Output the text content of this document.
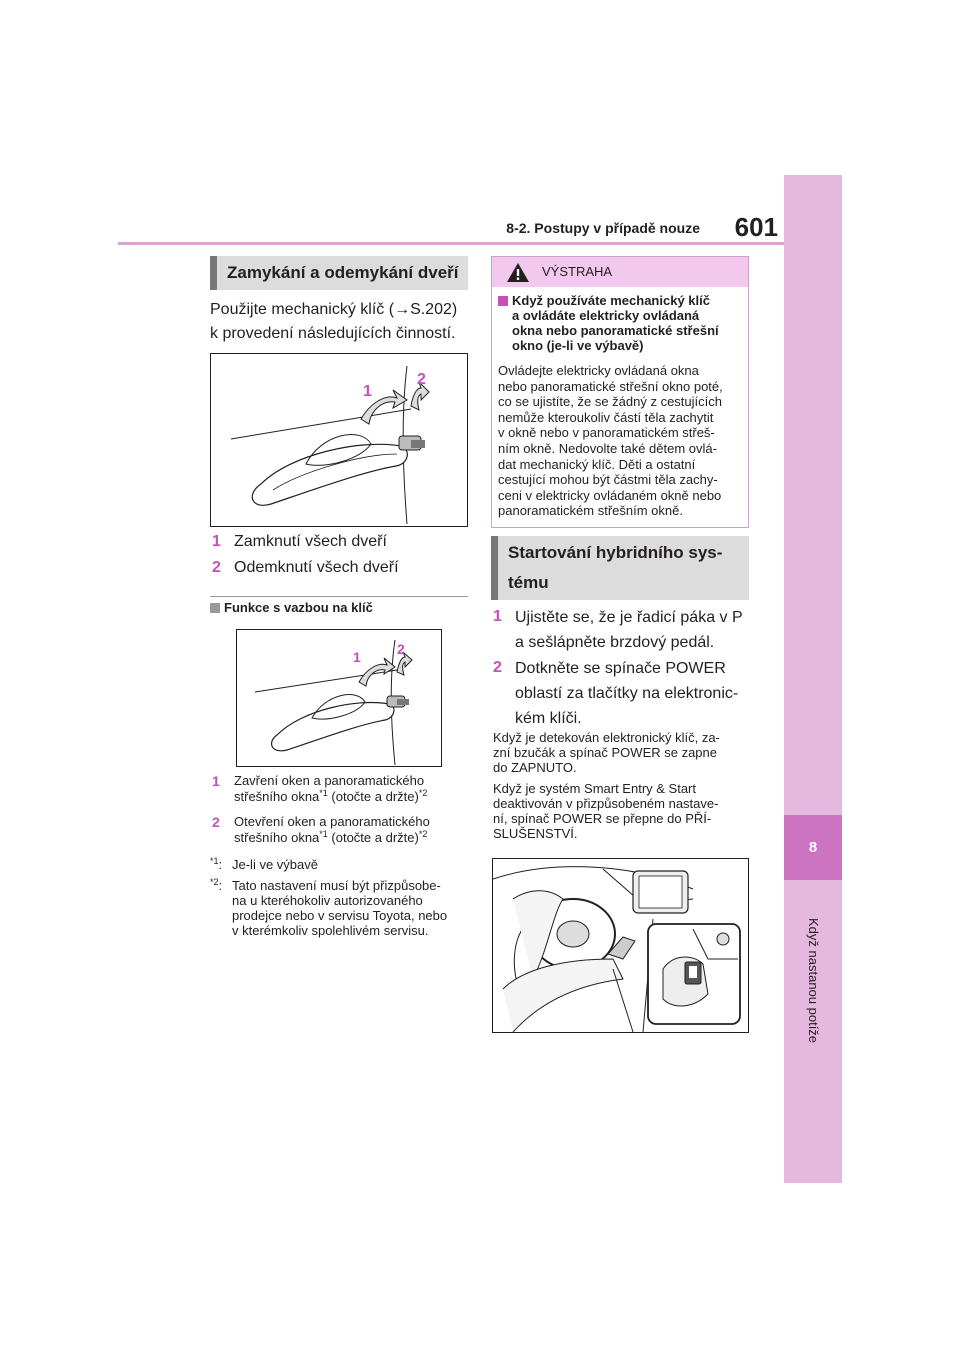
8-2. Postupy v případě nouze	601
8
Když nastanou potíže
Zamykání a odemykání dveří
Použijte mechanický klíč (→S.202)
k provedení následujících činností.
1
2
1 Zamknutí všech dveří
2 Odemknutí všech dveří
Funkce s vazbou na klíč
1	2
1 Zavření oken a panoramatického
střešního okna$^{*1}$ (otočte a držte)$^{*2}$
2 Otevření oken a panoramatického
střešního okna$^{*1}$ (otočte a držte)$^{*2}$
$^{*1}$: Je-li ve výbavě
$^{*2}$: Tato nastavení musí být přizpůsobe-
na u kteréhokoliv autorizovaného
prodejce nebo v servisu Toyota, nebo
v kterémkoliv spolehlivém servisu.
VÝSTRAHA
Když používáte mechanický klíč
a ovládáte elektricky ovládaná
okna nebo panoramatické střešní
okno (je-li ve výbavě)
Ovládejte elektricky ovládaná okna
nebo panoramatické střešní okno poté,
co se ujistíte, že se žádný z cestujících
nemůže kteroukoliv částí těla zachytit
v okně nebo v panoramatickém střeš-
ním okně. Nedovolte také dětem ovlá-
dat mechanický klíč. Děti a ostatní
cestující mohou být částmi těla zachy-
ceni v elektricky ovládaném okně nebo
panoramatickém střešním okně.
Startování hybridního sys-
tému
1 Ujistěte se, že je řadicí páka v P
a sešlápněte brzdový pedál.
2 Dotkněte se spínače POWER
oblastí za tlačítky na elektronic-
kém klíči.
Když je detekován elektronický klíč, za-
zní bzučák a spínač POWER se zapne
do ZAPNUTO.
Když je systém Smart Entry & Start
deaktivován v přizpůsobeném nastave-
ní, spínač POWER se přepne do PŘÍ-
SLUŠENSTVÍ.
